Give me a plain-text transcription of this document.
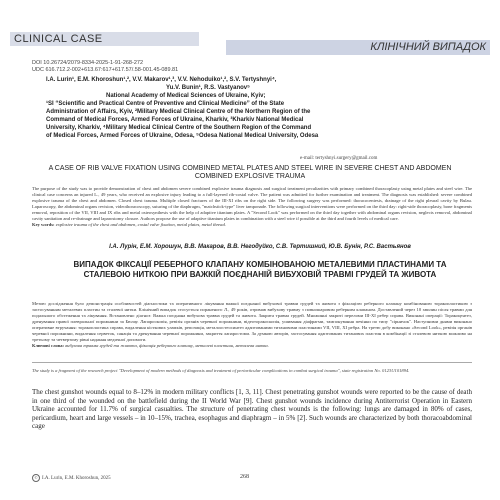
CLINICAL CASE
КЛІНІЧНИЙ ВИПАДОК
DOI 10.26724/2079-8334-2025-1-91-268-272
UDC 616.712.2-002+613.67:617+617.57/.58-001.45-089.81
I.A. Lurin¹, E.M. Khoroshun¹,², V.V. Makarov¹,³, V.V. Nehoduiko¹,², S.V. Tertyshnyi⁴,
Yu.V. Bunin¹, R.S. Vastyanov⁵
National Academy of Medical Sciences of Ukraine, Kyiv;
¹SI “Scientific and Practical Centre of Preventive and Clinical Medicine” of the State
Administration of Affairs, Kyiv, ²Military Medical Clinical Centre of the Northern Region of the
Command of Medical Forces, Armed Forces of Ukraine, Kharkiv, ³Kharkiv National Medical
University, Kharkiv, ⁴Military Medical Clinical Centre of the Southern Region of the Command
of Medical Forces, Armed Forces of Ukraine, Odesa, ⁵Odesa National Medical University, Odesa
e-mail: tertyshnyi.surgery@gmail.com
A CASE OF RIB VALVE FIXATION USING COMBINED METAL PLATES AND STEEL WIRE IN SEVERE CHEST AND ABDOMEN COMBINED EXPLOSIVE TRAUMA
The purpose of the study was to provide demonstration of chest and abdomen severe combined explosive trauma diagnosis and surgical treatment peculiarities with primary combined thoracoplasty using metal plates and steel wire. The clinical case concerns an injured L., 49 years, who received an explosive injury leading to a full-layered rib-costal valve. The patient was admitted for further examination and treatment. The diagnosis was established: severe combined explosive trauma of the chest and abdomen. Closed chest trauma. Multiple closed fractures of the III-XI ribs on the right side. The following surgery was performed: thoracocentesis, drainage of the right pleural cavity by Bulau. Laparoscopy, the abdominal organs revision, videothoracoscopy, suturing of the diaphragm, "matchstick-type" liver tamponade. The following surgical interventions were performed on the third day: right-side thoracoplasty, bone fragments removal, reposition of the VII, VIII and IX ribs and metal osteosynthesis with the help of adaptive titanium plates. A "Second Look" was performed on the third day together with abdominal organs revision, neglects removal, abdominal cavity sanitation and re-drainage and laparostomy closure. Authors propose the use of adaptive titanium plates in combination with a steel wire if possible at the third and fourth levels of medical care.
Key words: explosive trauma of the chest and abdomen, costal valve fixation, metal plates, metal thread.
І.А. Лурін, Е.М. Хорошун, В.В. Макаров, В.В. Негодуйко, С.В. Тертишний, Ю.В. Бунін, Р.С. Вастьянов
ВИПАДОК ФІКСАЦІЇ РЕБЕРНОГО КЛАПАНУ КОМБІНОВАНОЮ МЕТАЛЕВИМИ ПЛАСТИНАМИ ТА СТАЛЕВОЮ НИТКОЮ ПРИ ВАЖКІЙ ПОЄДНАНІЙ ВИБУХОВІЙ ТРАВМІ ГРУДЕЙ ТА ЖИВОТА
Метою дослідження було демонстрація особливостей діагностики та оперативного лікування важкої поєднаної вибухової травми грудей та живота з фіксацією реберного клапану комбінованою торакопластикою з застосуванням металевих пластин та сталевої нитки. Клінічний випадок стосується пораненого Л., 49 років, отримав вибухову травму з повношаровим реберним клапаном. Доставлений через 10 хвилин після травми для подальшого обстеження та лікування. Встановлено діагноз: Важка поєднана вибухова травма грудей та живота. Закрита травма грудей. Множинні закриті переломи III-XI ребер справа. Виконані операції: Торакоцентез, дренування правої плевральної порожнини за Бюлау. Лапароскопія, ревізія органів черевної порожнини, відеоторакоскопія, ушивання діафрагми, тампонування печінки по типу "сірничок". Наступними днями виконано оперативне втручання: торакопластика справа, видалення кісткових уламків, репозиція, металоостеосинтез адаптованими титановими пластинами VII, VIII, XI ребра. На третю добу виконано «Second Look», ревізія органів черевної порожнини, видалення серветок, санація та дренування черевної порожнини, закриття лапаростоми. За думкою авторів, застосування адаптованих титанових пластин в комбінації зі сталевою ниткою можливо на третьому та четвертому рівні надання медичної допомоги.
Ключові слова: вибухова травма грудей та живота, фіксація реберного клапану, металеві пластини, металева нитка.
The study is a fragment of the research project "Development of modern methods of diagnosis and treatment of periarticular complications in combat surgical trauma", state registration No. 0123U101894.
The chest gunshot wounds equal to 8–12% in modern military conflicts [1, 3, 11]. Chest penetrating gunshot wounds were reported to be the cause of death in one third of the wounded on the battlefield during the II World War [9]. Chest gunshot wounds incidence during Antiterrorist Operation in Eastern Ukraine accounted for 11.7% of surgical casualties. The structure of penetrating chest wounds is the following: lungs are damaged in 80% of cases, pericardium, heart and large vessels – in 10–15%, trachea, esophagus and diaphragm – in 5% [2]. Such wounds are characterized by both thoracoabdominal cage
© I.A. Lurin, E.M. Khoroshun, 2025	268
